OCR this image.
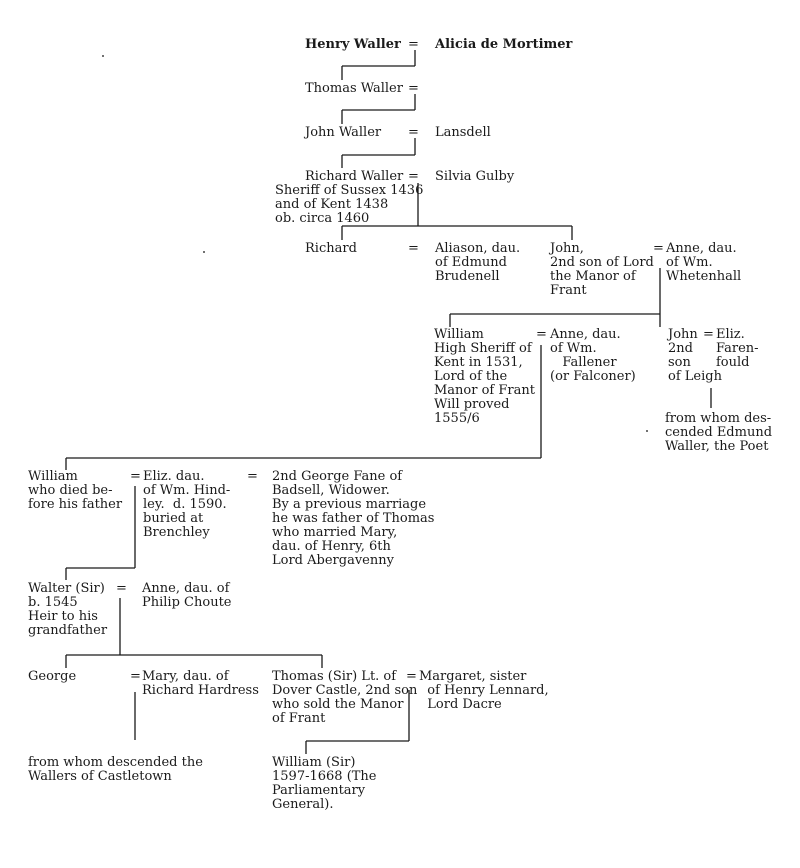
Henry Waller = Alicia de Mortimer
Thomas Waller =
John Waller = Lansdell
Richard Waller =
Sheriff of Sussex 1436
and of Kent 1438
ob. circa 1460
Silvia Gulby
Richard	= Aliason, dau.
of Edmund
Brudenell
John,
2nd son of Lord
the Manor of
Frant
= Anne, dau.
of Wm.
Whetenhall
William
High Sheriff of
Kent in 1531,
Lord of the
Manor of Frant
Will proved
1555/6
= Anne, dau.
of Wm.
Fallener
(or Falconer)
John
2nd
son
of Leigh
= Eliz.
Faren-
fould
from whom des-
cended Edmund
Waller, the Poet
William
who died be-
fore his father
= Eliz. dau.
of Wm. Hind-
ley.  d. 1590.
buried at
Brenchley
= 2nd George Fane of
Badsell, Widower.
By a previous marriage
he was father of Thomas
who married Mary,
dau. of Henry, 6th
Lord Abergavenny
Walter (Sir)
b. 1545
Heir to his
grandfather
= Anne, dau. of
Philip Choute
George	= Mary, dau. of
Richard Hardress
from whom descended the
Wallers of Castletown
Thomas (Sir) Lt. of
Dover Castle, 2nd son
who sold the Manor
of Frant
= Margaret, sister
of Henry Lennard,
Lord Dacre
William (Sir)
1597-1668 (The
Parliamentary
General).
